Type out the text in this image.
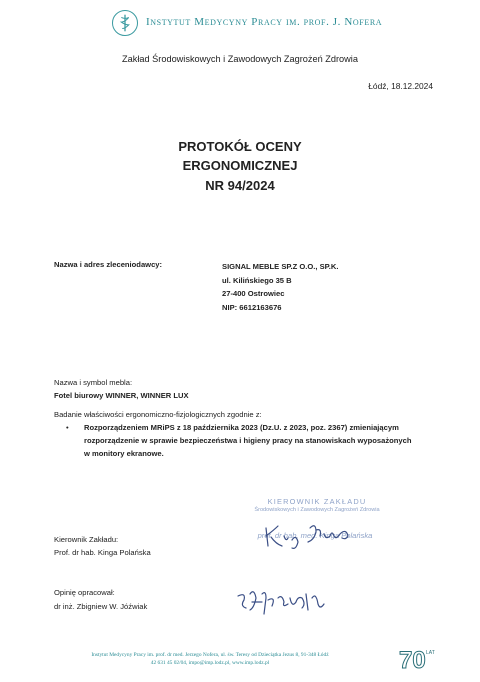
Instytut Medycyny Pracy im. prof. J. Nofera
Zakład Środowiskowych i Zawodowych Zagrożeń Zdrowia
Łódź, 18.12.2024
PROTOKÓŁ OCENY
ERGONOMICZNEJ
NR 94/2024
Nazwa i adres zleceniodawcy:	SIGNAL MEBLE SP.Z O.O., SP.K.
ul. Kilińskiego 35 B
27-400 Ostrowiec
NIP: 6612163676
Nazwa i symbol mebla:
Fotel biurowy WINNER, WINNER LUX
Badanie właściwości ergonomiczno-fizjologicznych zgodnie z:
• Rozporządzeniem MRiPS z 18 października 2023 (Dz.U. z 2023, poz. 2367) zmieniającym
rozporządzenie w sprawie bezpieczeństwa i higieny pracy na stanowiskach wyposażonych
w monitory ekranowe.
KIEROWNIK ZAKŁADU
Środowiskowych i Zawodowych Zagrożeń Zdrowia
prof. dr hab. med. Kinga Polańska
Kierownik Zakładu:
Prof. dr hab. Kinga Polańska
Opinię opracował:
dr inż. Zbigniew W. Jóźwiak
Instytut Medycyny Pracy im. prof. dr med. Jerzego Nofera, ul. św. Teresy od Dzieciątka Jezus 8, 91-348 Łódź
42 631 45 02/04, impo@imp.lodz.pl, www.imp.lodz.pl	70 LAT
